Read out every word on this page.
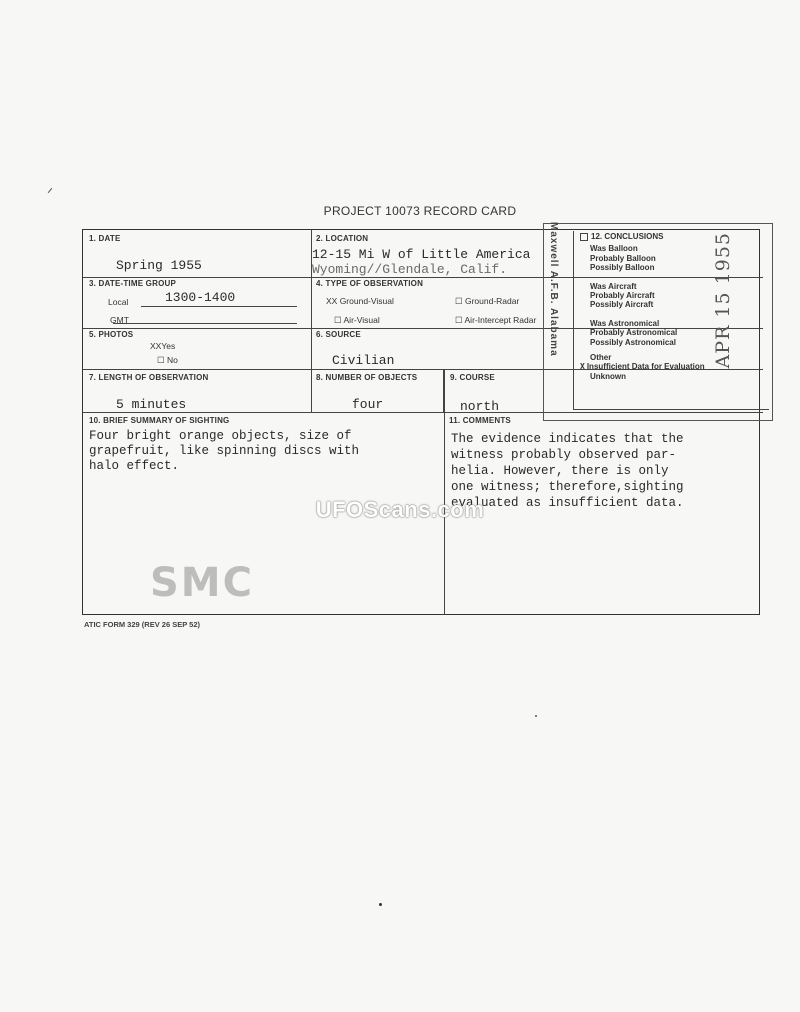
PROJECT 10073 RECORD CARD
1. DATE
Spring 1955
2. LOCATION
12-15 Mi W of Little America
Wyoming//Glendale, Calif.
3. DATE-TIME GROUP
Local	1300-1400
GMT
4. TYPE OF OBSERVATION
XX Ground-Visual	☐ Ground-Radar
☐ Air-Visual	☐ Air-Intercept Radar
5. PHOTOS
XXYes
☐ No
6. SOURCE
Civilian
7. LENGTH OF OBSERVATION
5 minutes
8. NUMBER OF OBJECTS
four
9. COURSE
north
10. BRIEF SUMMARY OF SIGHTING
Four bright orange objects, size of
grapefruit, like spinning discs with
halo effect.
11. COMMENTS
The evidence indicates that the
witness probably observed par-
helia. However, there is only
one witness; therefore,sighting
evaluated as insufficient data.
12. CONCLUSIONS
Was Balloon
Probably Balloon
Possibly Balloon
Was Aircraft
Probably Aircraft
Possibly Aircraft
Was Astronomical
Probably Astronomical
Possibly Astronomical
Other
X Insufficient Data for Evaluation
Unknown
Maxwell A.F.B. Alabama	APR 15 1955
UFOScans.com
SMC
ATIC FORM 329 (REV 26 SEP 52)
